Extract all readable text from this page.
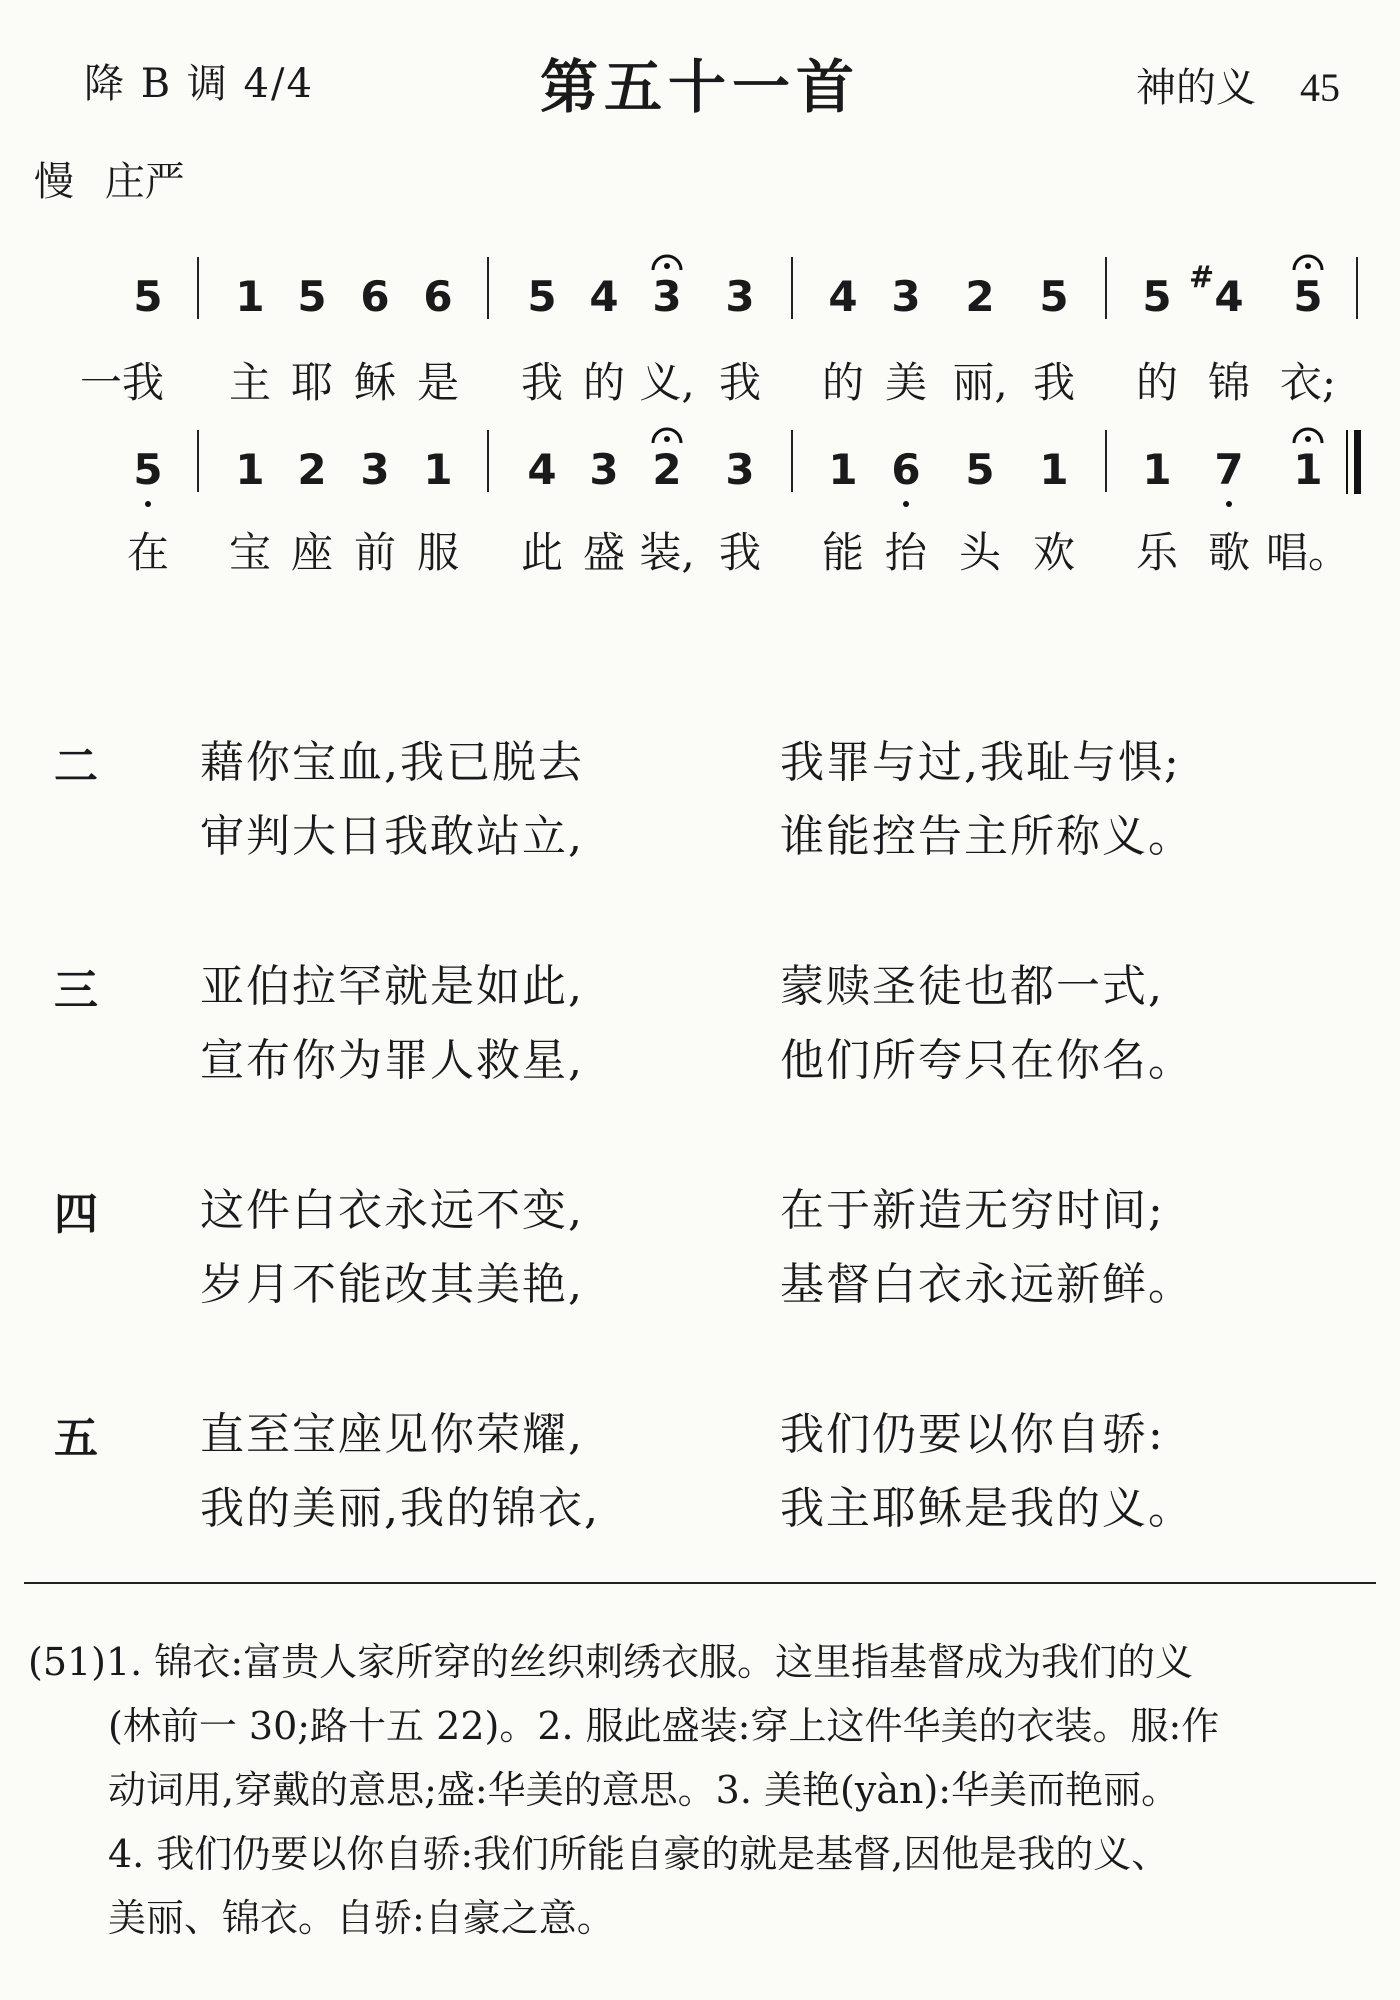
降 B 调 4/4	第五十一首	神的义 45
慢 庄严
5 1 5 6 6 5 4 3 3 4 3 2 5 5 4 5
一我 主 耶 稣 是 我 的 义, 我 的 美 丽, 我 的 锦 衣;
#
5 1 2 3 1 4 3 2 3 1 6 5 1 1 7 1
在 宝 座 前 服 此 盛 装, 我 能 抬 头 欢 乐 歌 唱。
二 藉你宝血,我已脱去	我罪与过,我耻与惧;
审判大日我敢站立,	谁能控告主所称义。
三 亚伯拉罕就是如此,	蒙赎圣徒也都一式,
宣布你为罪人救星,	他们所夸只在你名。
四 这件白衣永远不变,	在于新造无穷时间;
岁月不能改其美艳,	基督白衣永远新鲜。
五 直至宝座见你荣耀,	我们仍要以你自骄:
我的美丽,我的锦衣,	我主耶稣是我的义。
(51)1. 锦衣:富贵人家所穿的丝织刺绣衣服。这里指基督成为我们的义
(林前一 30;路十五 22)。2. 服此盛装:穿上这件华美的衣装。服:作
动词用,穿戴的意思;盛:华美的意思。3. 美艳(yàn):华美而艳丽。
4. 我们仍要以你自骄:我们所能自豪的就是基督,因他是我的义、
美丽、锦衣。自骄:自豪之意。
